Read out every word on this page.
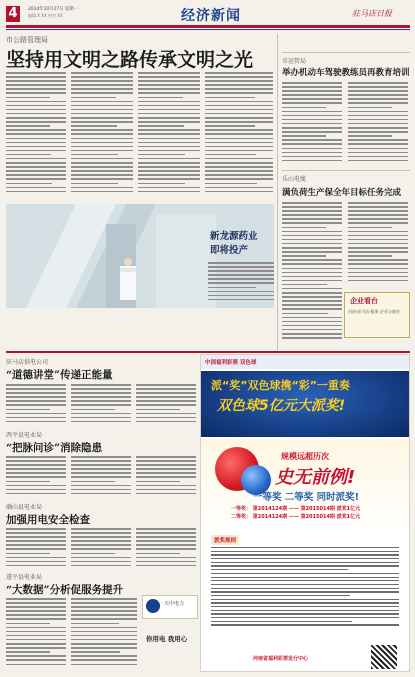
4	2014年10月27日 星期一
编辑 X XX 校对 XX	经济新闻	驻马店日报
市公路管理局
坚持用文明之路传承文明之光
新龙源药业
即将投产
市运管局
举办机动车驾驶教练员再教育培训
乐山电缆
满负荷生产保全年目标任务完成
企业看台
河南·驻马店·服务 企业与商业
驻马店供电公司
“道德讲堂”传递正能量
西平县电业局
“把脉问诊”消除隐患
确山县电业局
加强用电安全检查
遂平县电业局
“大数据”分析促服务提升
天中电力
你用电 我用心
中国福利彩票 双色球
派“奖”双色球携“彩”一重奏
双色球5亿元大派奖!
规模远超历次
史无前例!
一等奖 二等奖 同时派奖!
一等奖： 第2014124期 —— 第2015014期 派奖1亿元
二等奖： 第2014124期 —— 第2015014期 派奖1亿元
派奖规则
河南省福利彩票发行中心
